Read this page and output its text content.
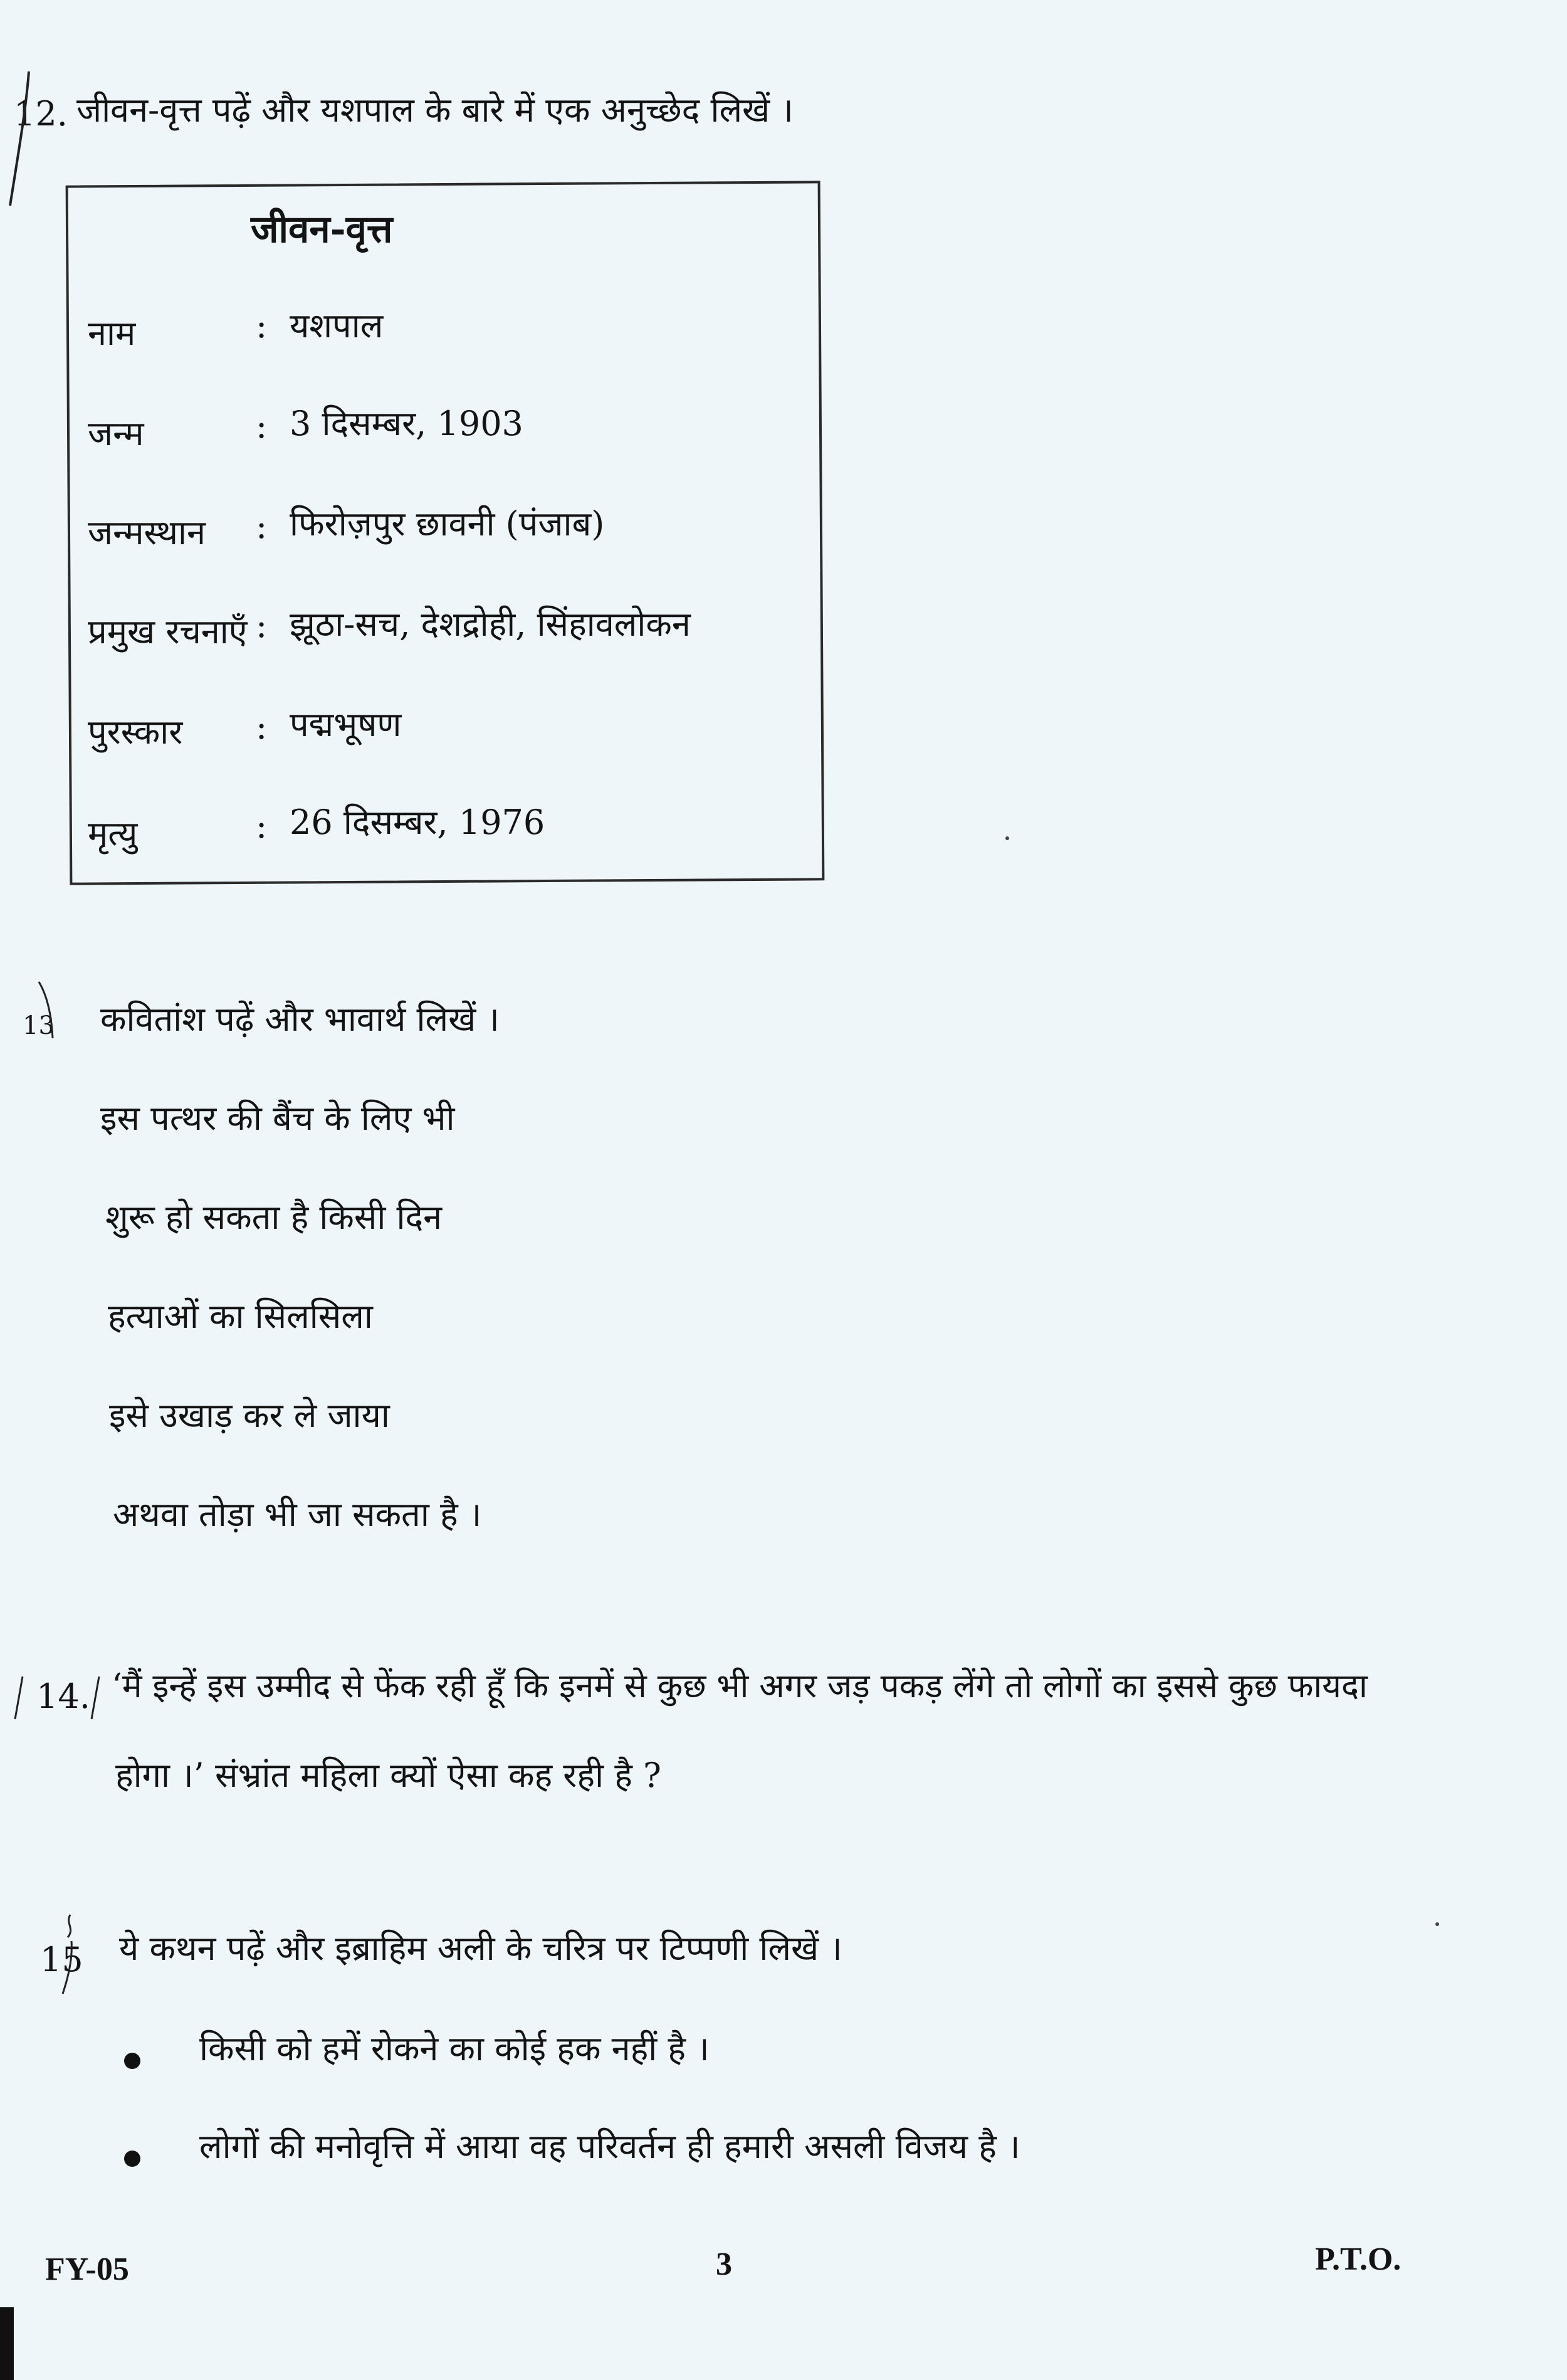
12. जीवन-वृत्त पढ़ें और यशपाल के बारे में एक अनुच्छेद लिखें ।
जीवन-वृत्त
नाम	: यशपाल
जन्म	: 3 दिसम्बर, 1903
जन्मस्थान : फिरोज़पुर छावनी (पंजाब)
प्रमुख रचनाएँ : झूठा-सच, देशद्रोही, सिंहावलोकन
पुरस्कार : पद्मभूषण
मृत्यु	: 26 दिसम्बर, 1976
13 कवितांश पढ़ें और भावार्थ लिखें ।
इस पत्थर की बैंच के लिए भी
शुरू हो सकता है किसी दिन
हत्याओं का सिलसिला
इसे उखाड़ कर ले जाया
अथवा तोड़ा भी जा सकता है ।
14. ‘मैं इन्हें इस उम्मीद से फेंक रही हूँ कि इनमें से कुछ भी अगर जड़ पकड़ लेंगे तो लोगों का इससे कुछ फायदा
होगा ।’ संभ्रांत महिला क्यों ऐसा कह रही है ?
15 ये कथन पढ़ें और इब्राहिम अली के चरित्र पर टिप्पणी लिखें ।
किसी को हमें रोकने का कोई हक नहीं है ।
लोगों की मनोवृत्ति में आया वह परिवर्तन ही हमारी असली विजय है ।
FY-05	3	P.T.O.
